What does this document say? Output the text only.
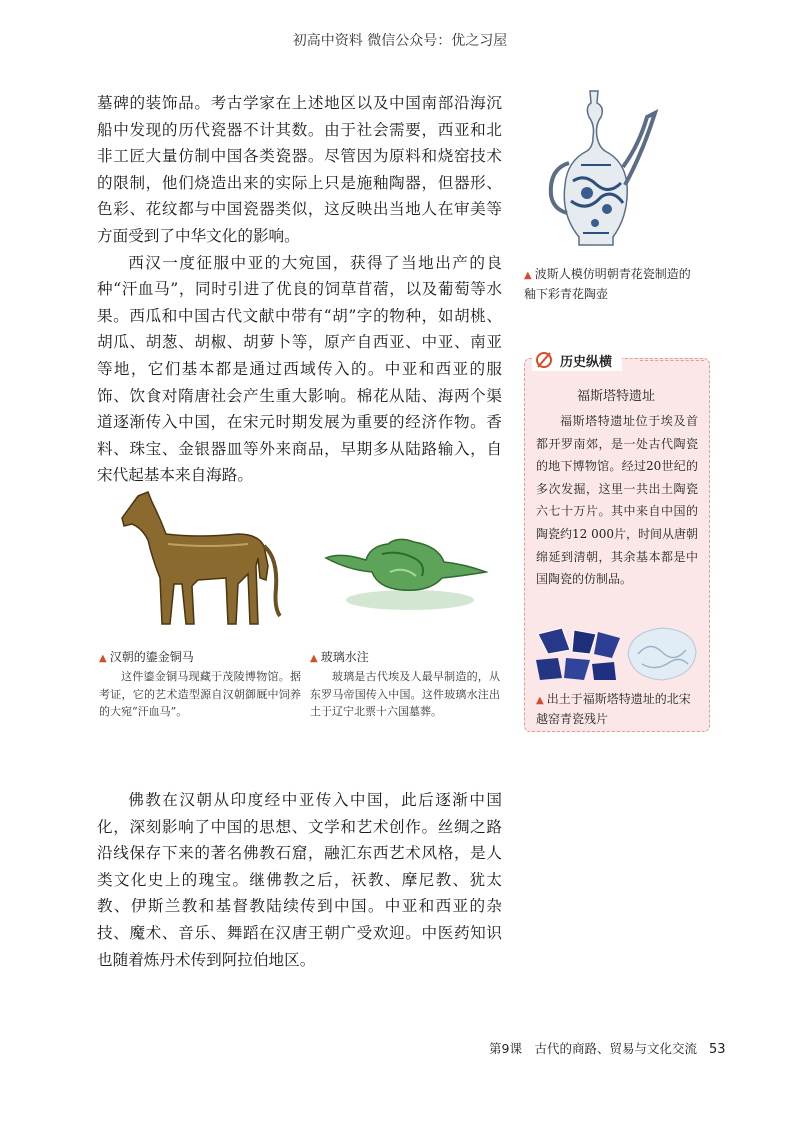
初高中资料 微信公众号：优之习屋

墓碑的装饰品。考古学家在上述地区以及中国南部沿海沉船中发现的历代瓷器不计其数。由于社会需要，西亚和北非工匠大量仿制中国各类瓷器。尽管因为原料和烧窑技术的限制，他们烧造出来的实际上只是施釉陶器，但器形、色彩、花纹都与中国瓷器类似，这反映出当地人在审美等方面受到了中华文化的影响。

西汉一度征服中亚的大宛国，获得了当地出产的良种“汗血马”，同时引进了优良的饲草苜蓿，以及葡萄等水果。西瓜和中国古代文献中带有“胡”字的物种，如胡桃、胡瓜、胡葱、胡椒、胡萝卜等，原产自西亚、中亚、南亚等地，它们基本都是通过西域传入的。中亚和西亚的服饰、饮食对隋唐社会产生重大影响。棉花从陆、海两个渠道逐渐传入中国，在宋元时期发展为重要的经济作物。香料、珠宝、金银器皿等外来商品，早期多从陆路输入，自宋代起基本来自海路。

▲ 波斯人模仿明朝青花瓷制造的釉下彩青花陶壶
历史纵横
福斯塔特遗址
福斯塔特遗址位于埃及首都开罗南郊，是一处古代陶瓷的地下博物馆。经过20世纪的多次发掘，这里一共出土陶瓷六七十万片。其中来自中国的陶瓷约12 000片，时间从唐朝绵延到清朝，其余基本都是中国陶瓷的仿制品。
▲ 出土于福斯塔特遗址的北宋越窑青瓷残片
▲ 汉朝的鎏金铜马
这件鎏金铜马现藏于茂陵博物馆。据考证，它的艺术造型源自汉朝御厩中饲养的大宛“汗血马”。
▲ 玻璃水注
玻璃是古代埃及人最早制造的，从东罗马帝国传入中国。这件玻璃水注出土于辽宁北票十六国墓葬。

佛教在汉朝从印度经中亚传入中国，此后逐渐中国化，深刻影响了中国的思想、文学和艺术创作。丝绸之路沿线保存下来的著名佛教石窟，融汇东西艺术风格，是人类文化史上的瑰宝。继佛教之后，祆教、摩尼教、犹太教、伊斯兰教和基督教陆续传到中国。中亚和西亚的杂技、魔术、音乐、舞蹈在汉唐王朝广受欢迎。中医药知识也随着炼丹术传到阿拉伯地区。

第9课　古代的商路、贸易与文化交流 53
